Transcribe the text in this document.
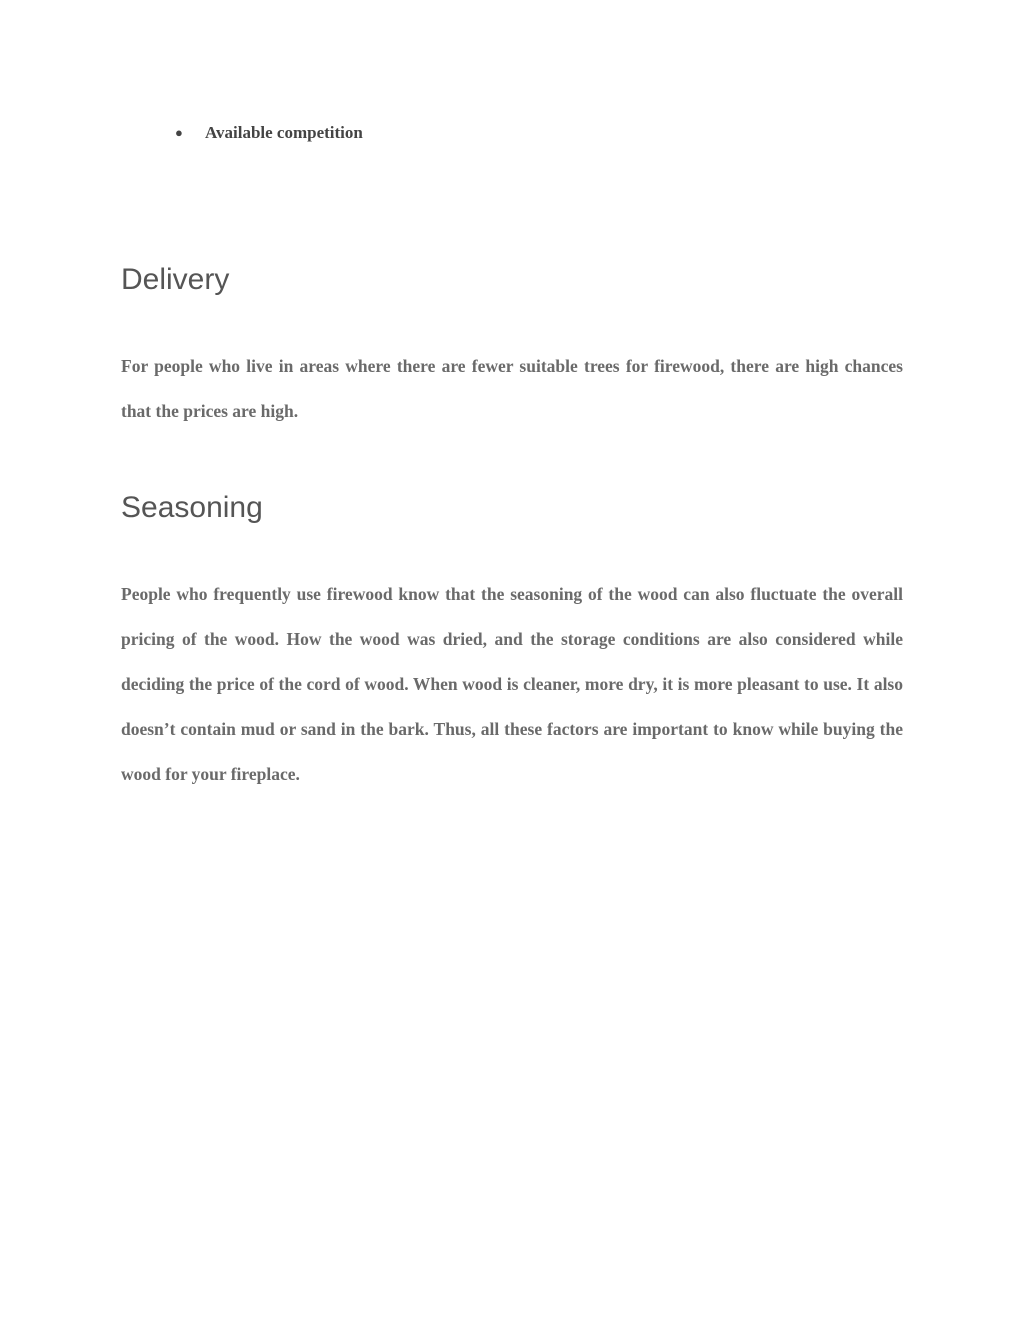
●	Available competition
Delivery

For people who live in areas where there are fewer suitable trees for firewood, there are high chances that the prices are high.

Seasoning

People who frequently use firewood know that the seasoning of the wood can also fluctuate the overall pricing of the wood. How the wood was dried, and the storage conditions are also considered while deciding the price of the cord of wood. When wood is cleaner, more dry, it is more pleasant to use. It also doesn’t contain mud or sand in the bark. Thus, all these factors are important to know while buying the wood for your fireplace.
